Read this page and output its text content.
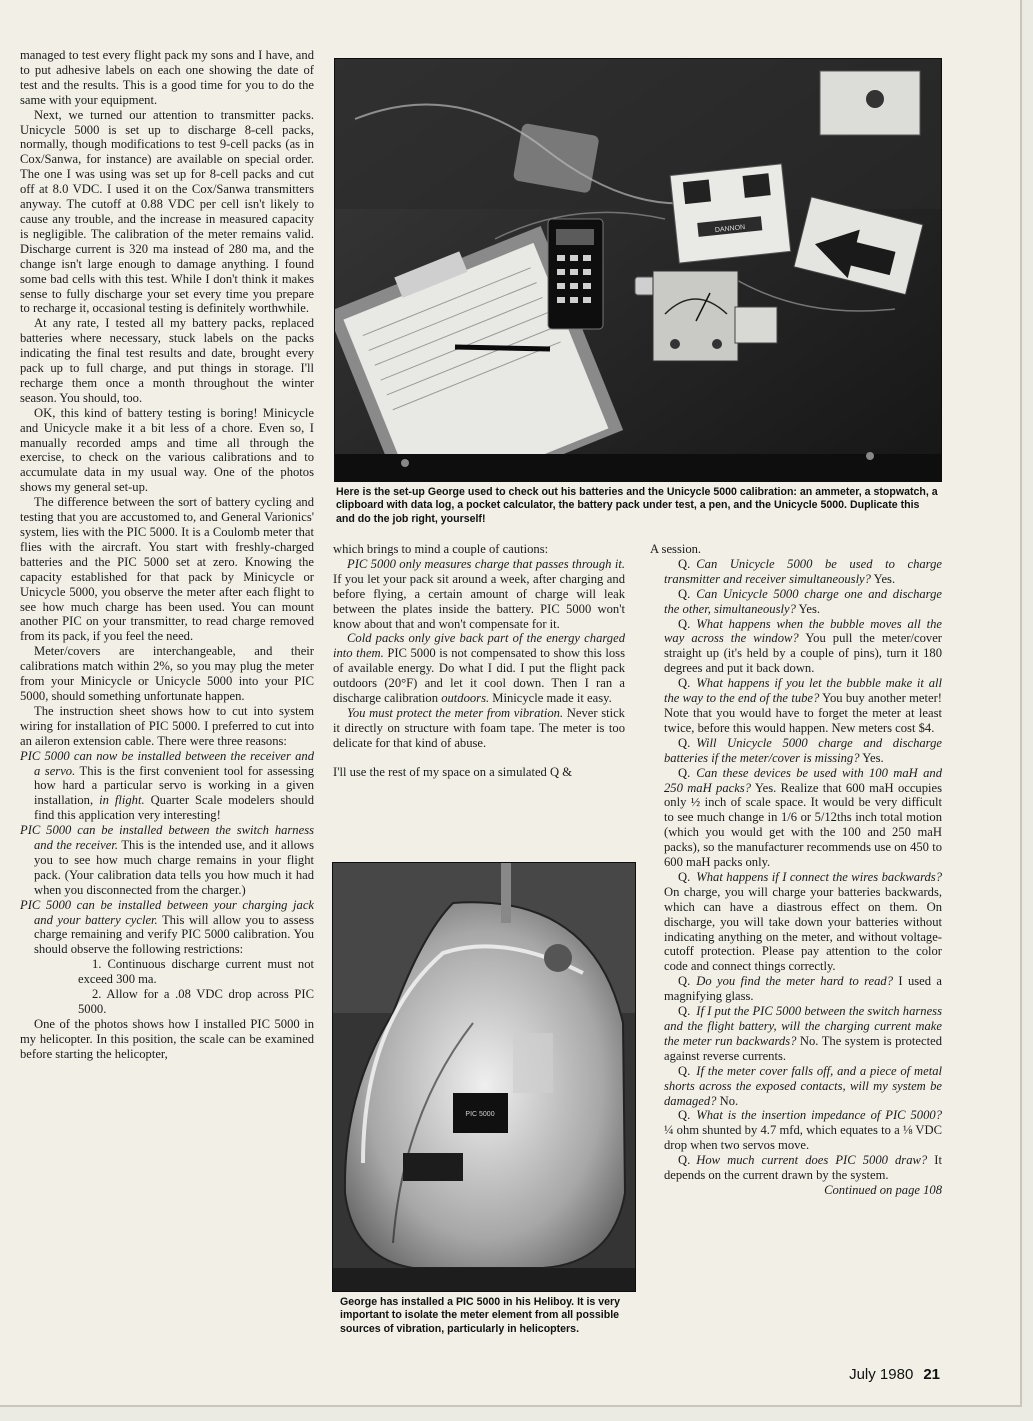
managed to test every flight pack my sons and I have, and to put adhesive labels on each one showing the date of test and the results. This is a good time for you to do the same with your equipment.

Next, we turned our attention to transmitter packs. Unicycle 5000 is set up to discharge 8-cell packs, normally, though modifications to test 9-cell packs (as in Cox/Sanwa, for instance) are available on special order. The one I was using was set up for 8-cell packs and cut off at 8.0 VDC. I used it on the Cox/Sanwa transmitters anyway. The cutoff at 0.88 VDC per cell isn't likely to cause any trouble, and the increase in measured capacity is negligible. The calibration of the meter remains valid. Discharge current is 320 ma instead of 280 ma, and the change isn't large enough to damage anything. I found some bad cells with this test. While I don't think it makes sense to fully discharge your set every time you prepare to recharge it, occasional testing is definitely worthwhile.

At any rate, I tested all my battery packs, replaced batteries where necessary, stuck labels on the packs indicating the final test results and date, brought every pack up to full charge, and put things in storage. I'll recharge them once a month throughout the winter season. You should, too.

OK, this kind of battery testing is boring! Minicycle and Unicycle make it a bit less of a chore. Even so, I manually recorded amps and time all through the exercise, to check on the various calibrations and to accumulate data in my usual way. One of the photos shows my general set-up.

The difference between the sort of battery cycling and testing that you are accustomed to, and General Varionics' system, lies with the PIC 5000. It is a Coulomb meter that flies with the aircraft. You start with freshly-charged batteries and the PIC 5000 set at zero. Knowing the capacity established for that pack by Minicycle or Unicycle 5000, you observe the meter after each flight to see how much charge has been used. You can mount another PIC on your transmitter, to read charge removed from its pack, if you feel the need.

Meter/covers are interchangeable, and their calibrations match within 2%, so you may plug the meter from your Minicycle or Unicycle 5000 into your PIC 5000, should something unfortunate happen.

The instruction sheet shows how to cut into system wiring for installation of PIC 5000. I preferred to cut into an aileron extension cable. There were three reasons:

PIC 5000 can now be installed between the receiver and a servo. This is the first convenient tool for assessing how hard a particular servo is working in a given installation, in flight. Quarter Scale modelers should find this application very interesting!

PIC 5000 can be installed between the switch harness and the receiver. This is the intended use, and it allows you to see how much charge remains in your flight pack. (Your calibration data tells you how much it had when you disconnected from the charger.)

PIC 5000 can be installed between your charging jack and your battery cycler. This will allow you to assess charge remaining and verify PIC 5000 calibration. You should observe the following restrictions:

1. Continuous discharge current must not exceed 300 ma.

2. Allow for a .08 VDC drop across PIC 5000.

One of the photos shows how I installed PIC 5000 in my helicopter. In this position, the scale can be examined before starting the helicopter,

DANNON
Here is the set-up George used to check out his batteries and the Unicycle 5000 calibration: an ammeter, a stopwatch, a clipboard with data log, a pocket calculator, the battery pack under test, a pen, and the Unicycle 5000. Duplicate this and do the job right, yourself!

which brings to mind a couple of cautions:

PIC 5000 only measures charge that passes through it. If you let your pack sit around a week, after charging and before flying, a certain amount of charge will leak between the plates inside the battery. PIC 5000 won't know about that and won't compensate for it.

Cold packs only give back part of the energy charged into them. PIC 5000 is not compensated to show this loss of available energy. Do what I did. I put the flight pack outdoors (20°F) and let it cool down. Then I ran a discharge calibration outdoors. Minicycle made it easy.

You must protect the meter from vibration. Never stick it directly on structure with foam tape. The meter is too delicate for that kind of abuse.

I'll use the rest of my space on a simulated Q &

PIC 5000
George has installed a PIC 5000 in his Heliboy. It is very important to isolate the meter element from all possible sources of vibration, particularly in helicopters.

A session.

Q. Can Unicycle 5000 be used to charge transmitter and receiver simultaneously? Yes.

Q. Can Unicycle 5000 charge one and discharge the other, simultaneously? Yes.

Q. What happens when the bubble moves all the way across the window? You pull the meter/cover straight up (it's held by a couple of pins), turn it 180 degrees and put it back down.

Q. What happens if you let the bubble make it all the way to the end of the tube? You buy another meter! Note that you would have to forget the meter at least twice, before this would happen. New meters cost $4.

Q. Will Unicycle 5000 charge and discharge batteries if the meter/cover is missing? Yes.

Q. Can these devices be used with 100 maH and 250 maH packs? Yes. Realize that 600 maH occupies only ½ inch of scale space. It would be very difficult to see much change in 1/6 or 5/12ths inch total motion (which you would get with the 100 and 250 maH packs), so the manufacturer recommends use on 450 to 600 maH packs only.

Q. What happens if I connect the wires backwards? On charge, you will charge your batteries backwards, which can have a diastrous effect on them. On discharge, you will take down your batteries without indicating anything on the meter, and without voltage-cutoff protection. Please pay attention to the color code and connect things correctly.

Q. Do you find the meter hard to read? I used a magnifying glass.

Q. If I put the PIC 5000 between the switch harness and the flight battery, will the charging current make the meter run backwards? No. The system is protected against reverse currents.

Q. If the meter cover falls off, and a piece of metal shorts across the exposed contacts, will my system be damaged? No.

Q. What is the insertion impedance of PIC 5000? ¼ ohm shunted by 4.7 mfd, which equates to a ⅛ VDC drop when two servos move.

Q. How much current does PIC 5000 draw? It depends on the current drawn by the system.

Continued on page 108

July 1980 21
